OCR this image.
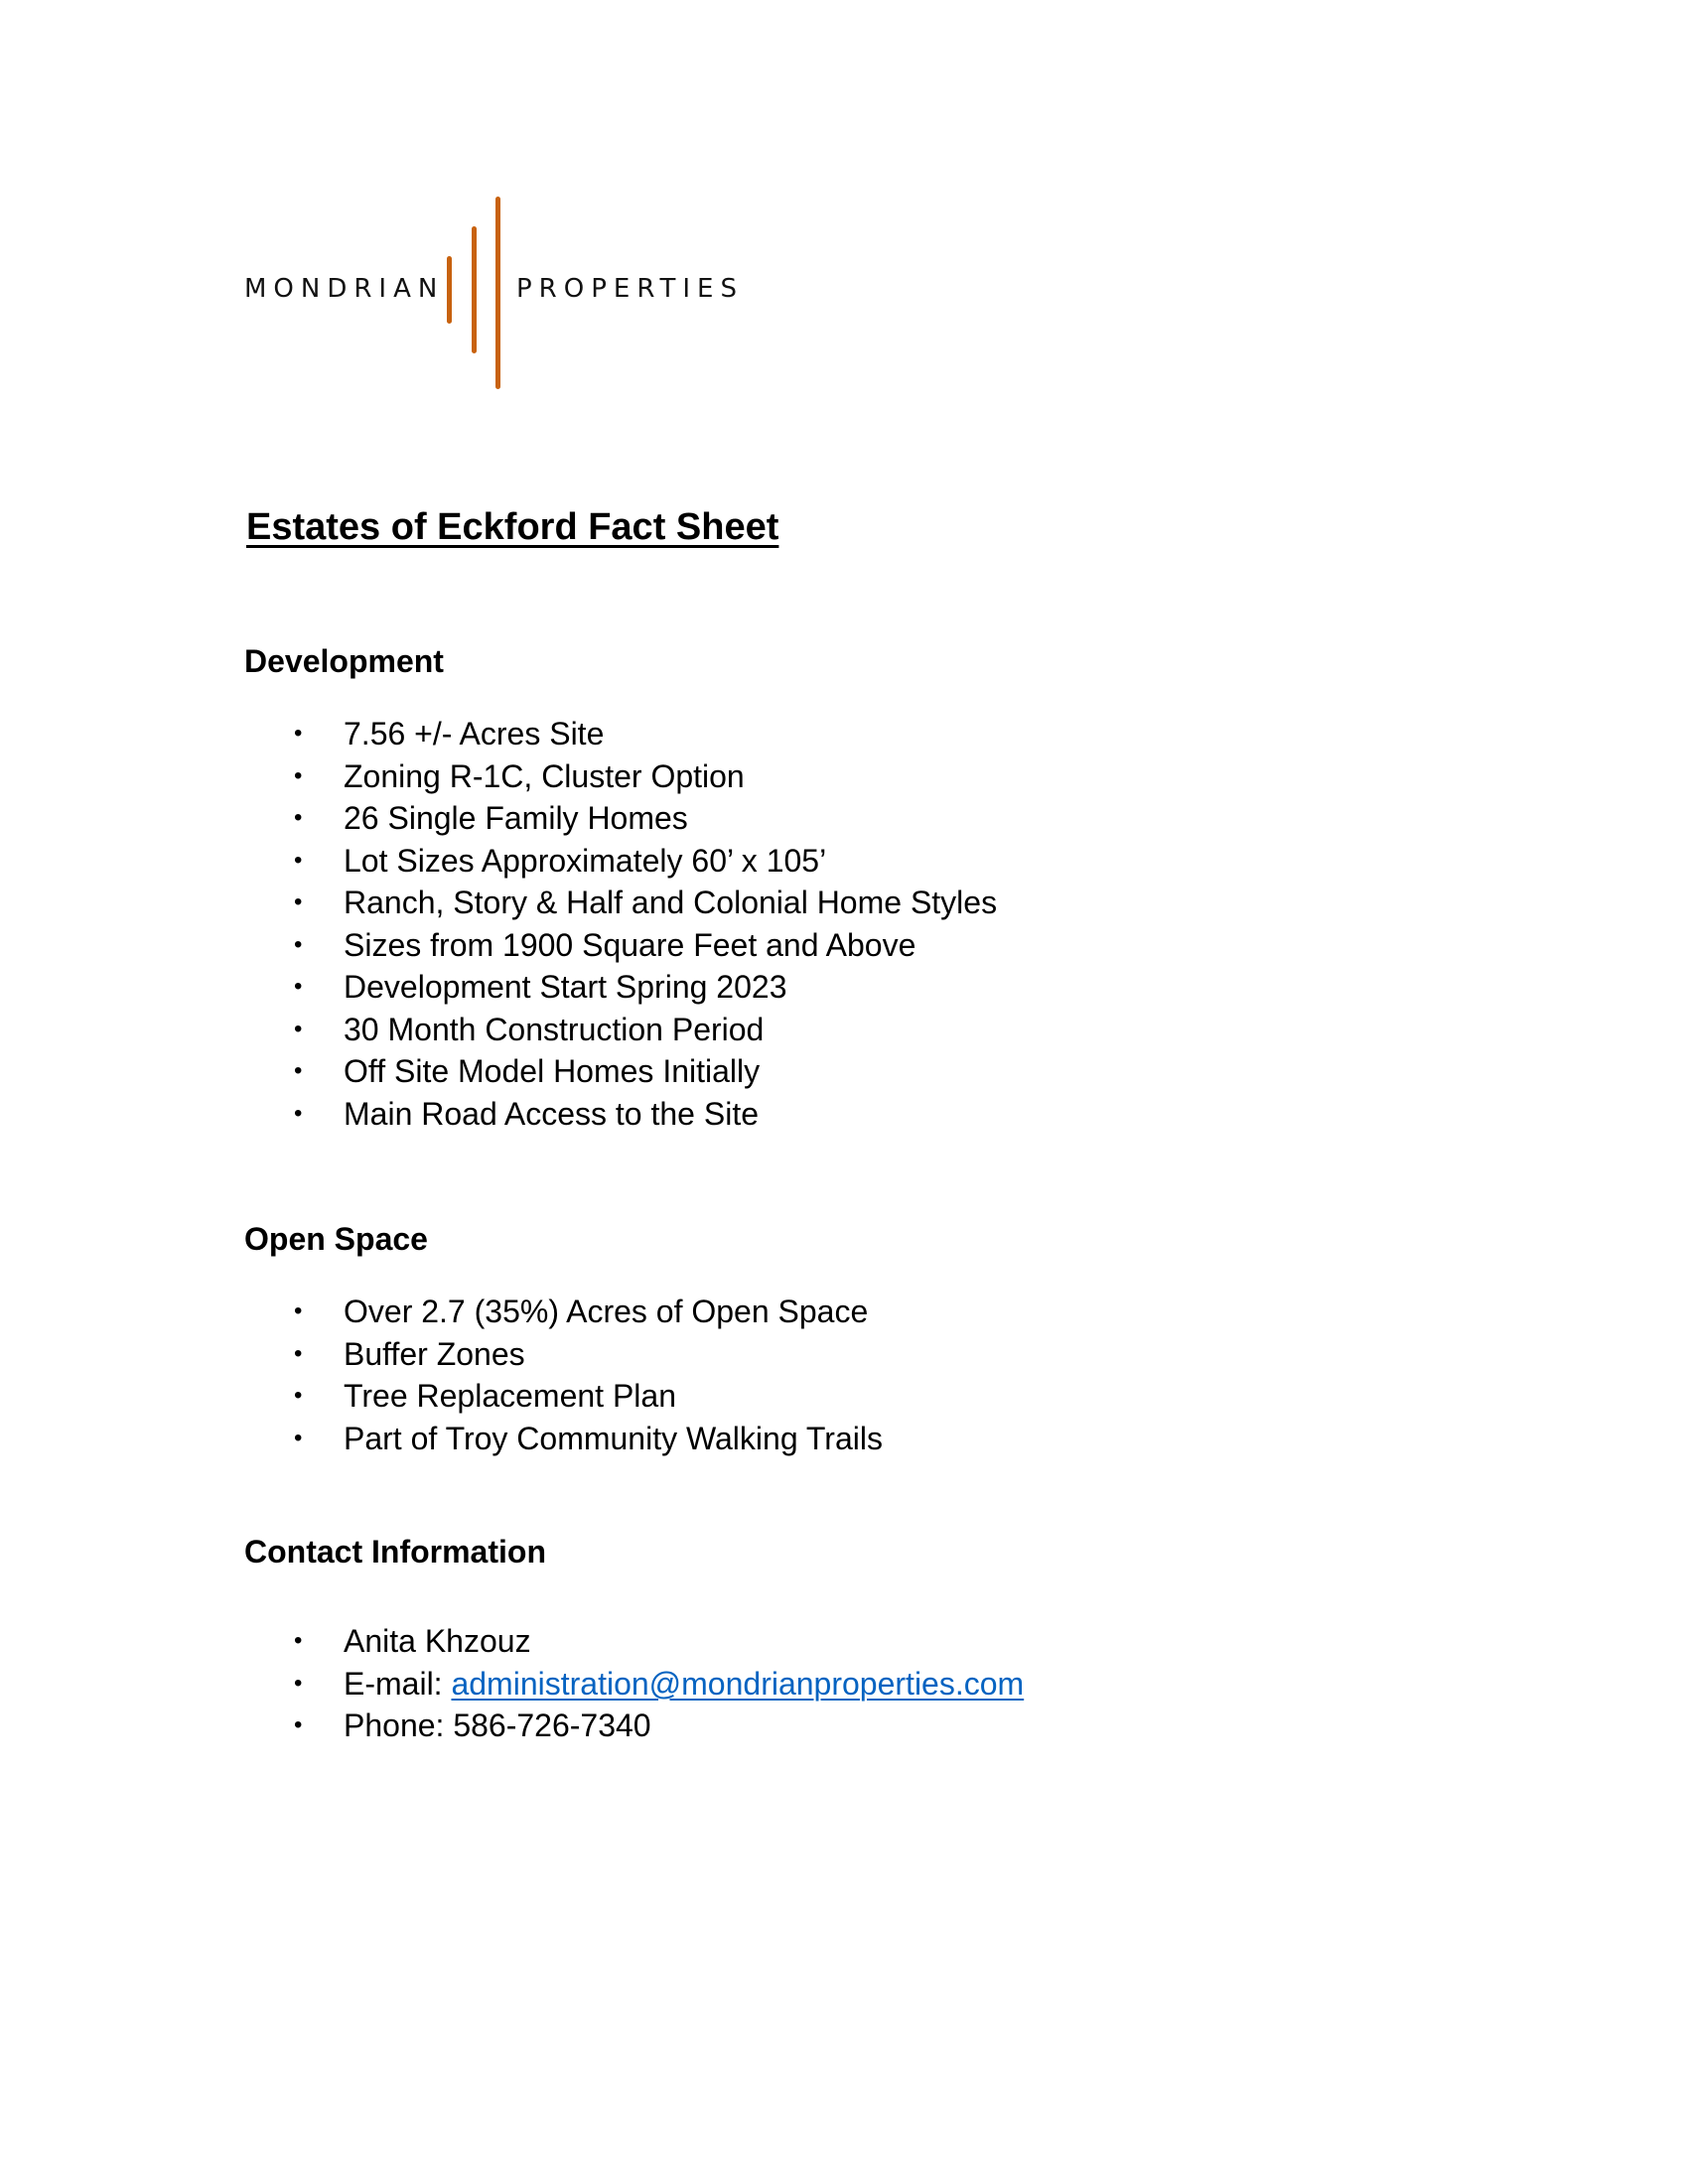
MONDRIAN	PROPERTIES
Estates of Eckford Fact Sheet
Development
• 7.56 +/- Acres Site
• Zoning R-1C, Cluster Option
• 26 Single Family Homes
• Lot Sizes Approximately 60’ x 105’
• Ranch, Story & Half and Colonial Home Styles
• Sizes from 1900 Square Feet and Above
• Development Start Spring 2023
• 30 Month Construction Period
• Off Site Model Homes Initially
• Main Road Access to the Site
Open Space
• Over 2.7 (35%) Acres of Open Space
• Buffer Zones
• Tree Replacement Plan
• Part of Troy Community Walking Trails
Contact Information
• Anita Khzouz
• E-mail: administration@mondrianproperties.com
• Phone: 586-726-7340
